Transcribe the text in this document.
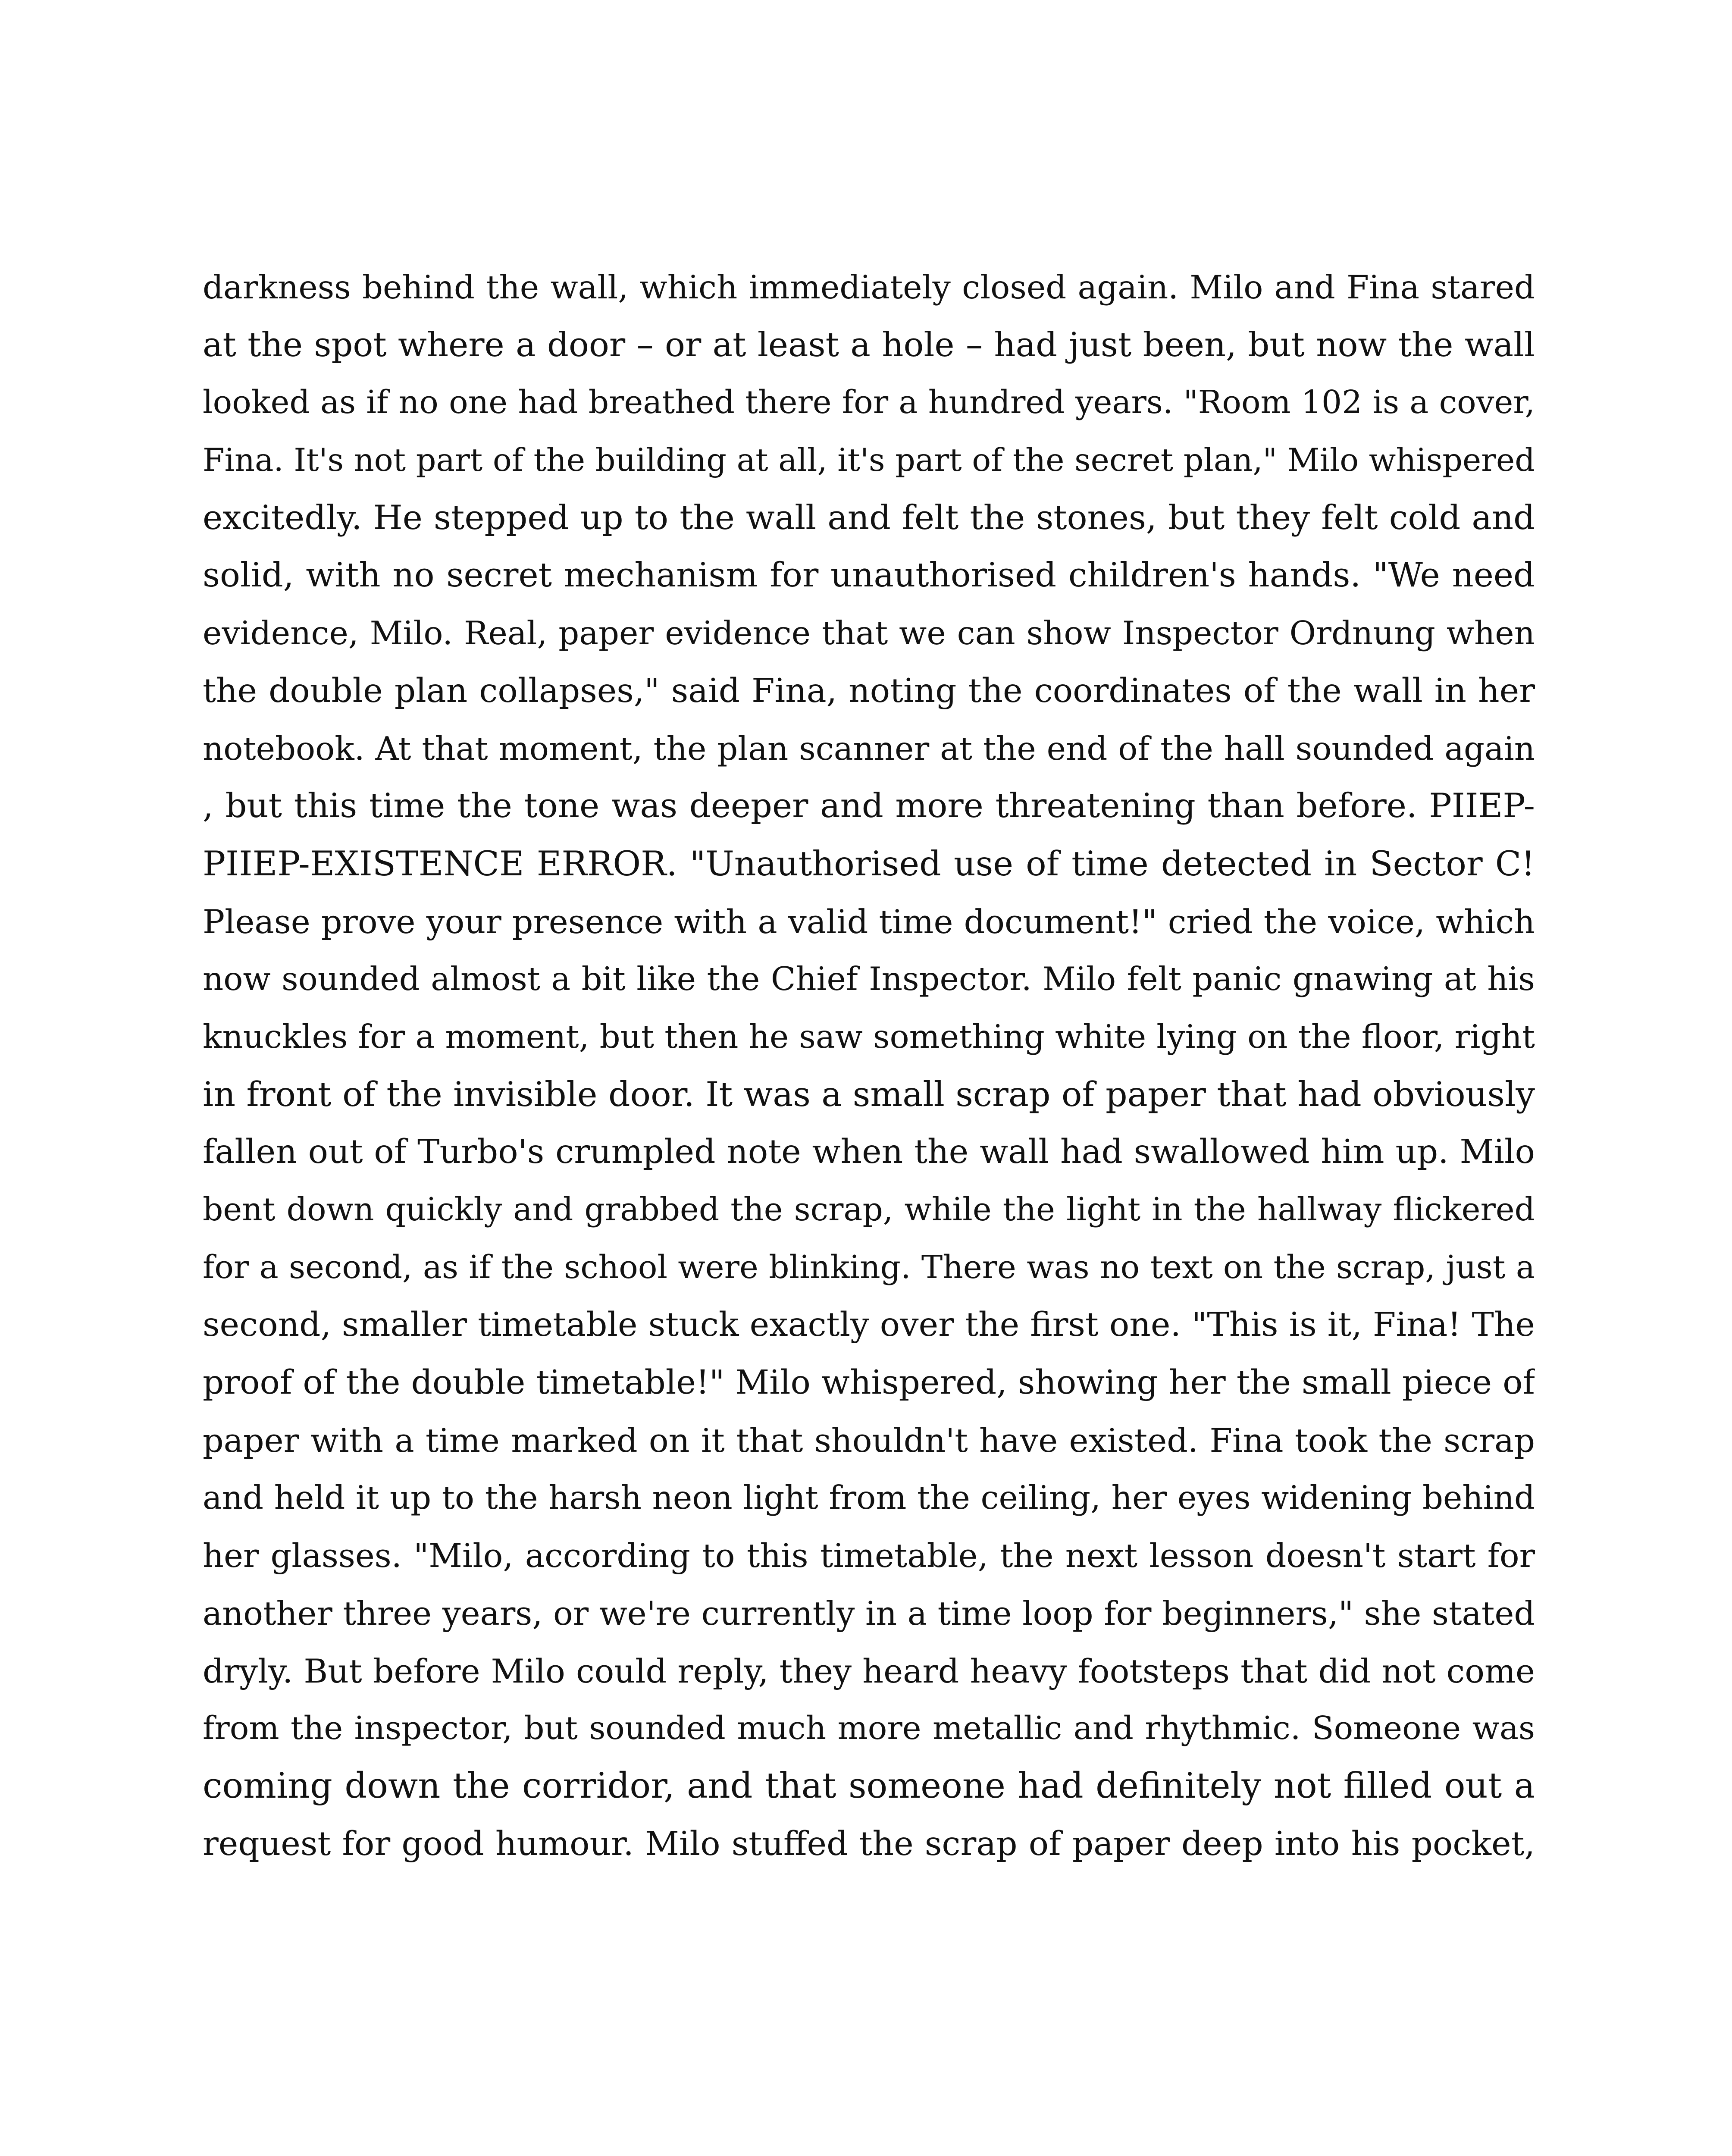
darkness behind the wall, which immediately closed again. Milo and Fina stared
at the spot where a door – or at least a hole – had just been, but now the wall
looked as if no one had breathed there for a hundred years. "Room 102 is a cover,
Fina. It's not part of the building at all, it's part of the secret plan," Milo whispered
excitedly. He stepped up to the wall and felt the stones, but they felt cold and
solid, with no secret mechanism for unauthorised children's hands. "We need
evidence, Milo. Real, paper evidence that we can show Inspector Ordnung when
the double plan collapses," said Fina, noting the coordinates of the wall in her
notebook. At that moment, the plan scanner at the end of the hall sounded again
, but this time the tone was deeper and more threatening than before. PIIEP-
PIIEP-EXISTENCE ERROR. "Unauthorised use of time detected in Sector C!
Please prove your presence with a valid time document!" cried the voice, which
now sounded almost a bit like the Chief Inspector. Milo felt panic gnawing at his
knuckles for a moment, but then he saw something white lying on the floor, right
in front of the invisible door. It was a small scrap of paper that had obviously
fallen out of Turbo's crumpled note when the wall had swallowed him up. Milo
bent down quickly and grabbed the scrap, while the light in the hallway flickered
for a second, as if the school were blinking. There was no text on the scrap, just a
second, smaller timetable stuck exactly over the first one. "This is it, Fina! The
proof of the double timetable!" Milo whispered, showing her the small piece of
paper with a time marked on it that shouldn't have existed. Fina took the scrap
and held it up to the harsh neon light from the ceiling, her eyes widening behind
her glasses. "Milo, according to this timetable, the next lesson doesn't start for
another three years, or we're currently in a time loop for beginners," she stated
dryly. But before Milo could reply, they heard heavy footsteps that did not come
from the inspector, but sounded much more metallic and rhythmic. Someone was
coming down the corridor, and that someone had definitely not filled out a
request for good humour. Milo stuffed the scrap of paper deep into his pocket,
